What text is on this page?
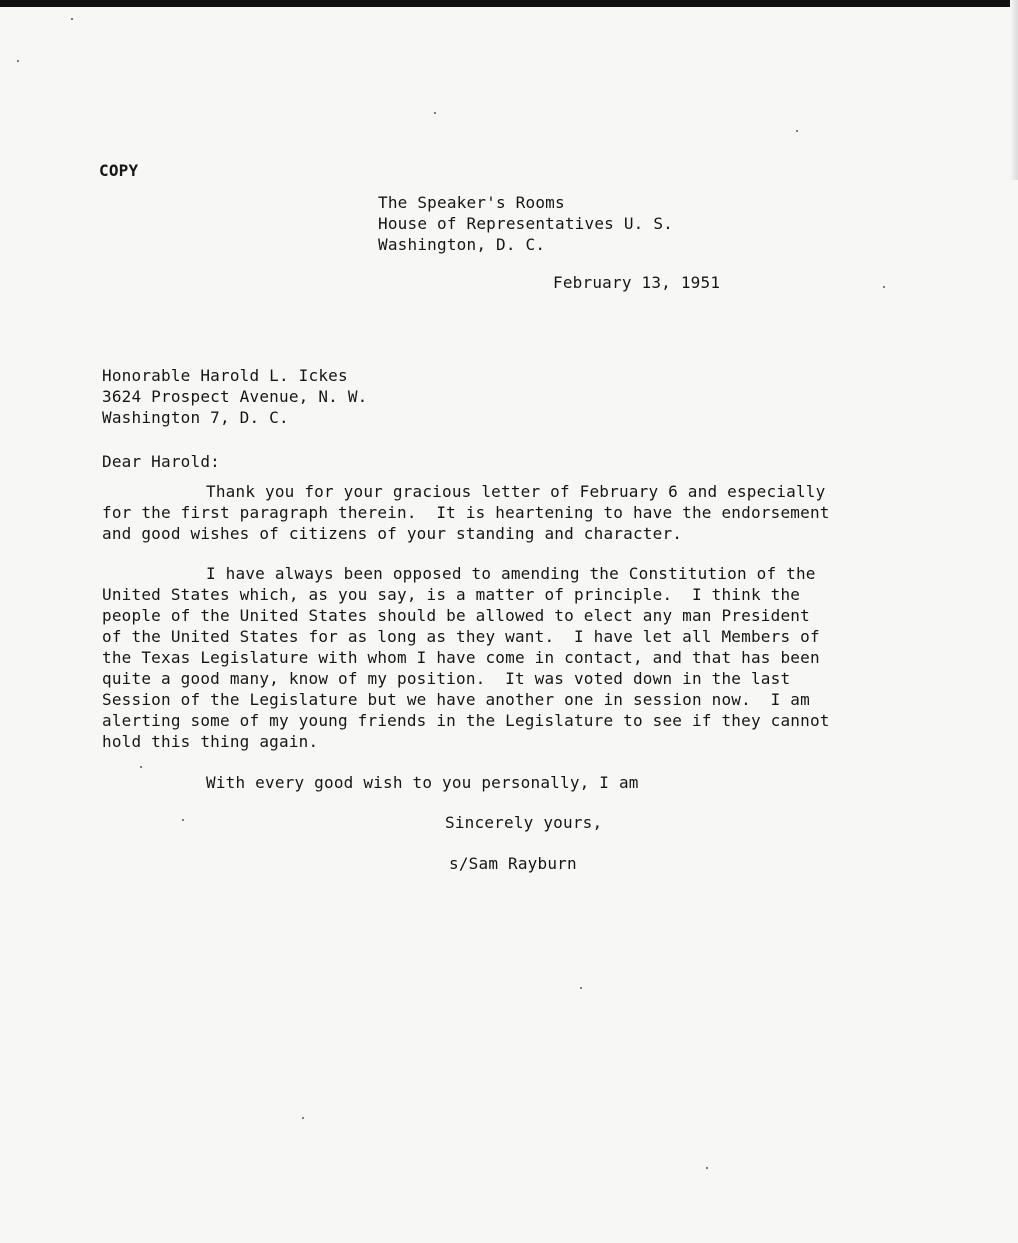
COPY
The Speaker's Rooms
House of Representatives U. S.
Washington, D. C.
February 13, 1951
Honorable Harold L. Ickes
3624 Prospect Avenue, N. W.
Washington 7, D. C.
Dear Harold:
Thank you for your gracious letter of February 6 and especially
for the first paragraph therein.  It is heartening to have the endorsement
and good wishes of citizens of your standing and character.
I have always been opposed to amending the Constitution of the
United States which, as you say, is a matter of principle.  I think the
people of the United States should be allowed to elect any man President
of the United States for as long as they want.  I have let all Members of
the Texas Legislature with whom I have come in contact, and that has been
quite a good many, know of my position.  It was voted down in the last
Session of the Legislature but we have another one in session now.  I am
alerting some of my young friends in the Legislature to see if they cannot
hold this thing again.
With every good wish to you personally, I am
Sincerely yours,
s/Sam Rayburn
